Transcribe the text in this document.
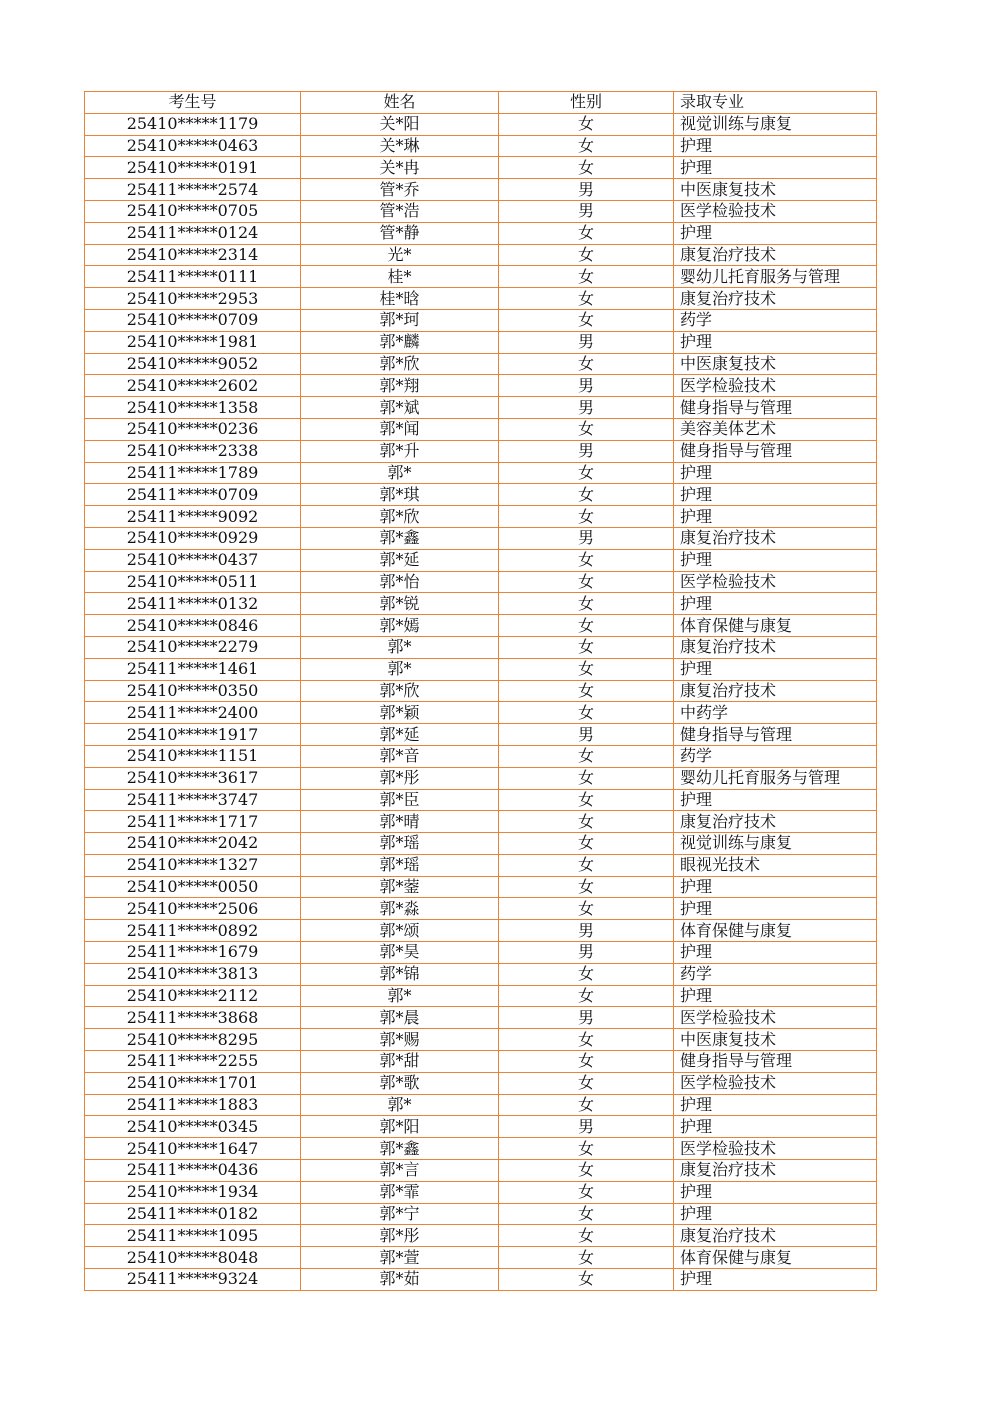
考生号	姓名	性别	录取专业
25410*****1179	关*阳	女	视觉训练与康复
25410*****0463	关*琳	女	护理
25410*****0191	关*冉	女	护理
25411*****2574	管*乔	男	中医康复技术
25410*****0705	管*浩	男	医学检验技术
25411*****0124	管*静	女	护理
25410*****2314	光*	女	康复治疗技术
25411*****0111	桂*	女	婴幼儿托育服务与管理
25410*****2953	桂*晗	女	康复治疗技术
25410*****0709	郭*珂	女	药学
25410*****1981	郭*麟	男	护理
25410*****9052	郭*欣	女	中医康复技术
25410*****2602	郭*翔	男	医学检验技术
25410*****1358	郭*斌	男	健身指导与管理
25410*****0236	郭*闻	女	美容美体艺术
25410*****2338	郭*升	男	健身指导与管理
25411*****1789	郭*	女	护理
25411*****0709	郭*琪	女	护理
25411*****9092	郭*欣	女	护理
25410*****0929	郭*鑫	男	康复治疗技术
25410*****0437	郭*延	女	护理
25410*****0511	郭*怡	女	医学检验技术
25411*****0132	郭*锐	女	护理
25410*****0846	郭*嫣	女	体育保健与康复
25410*****2279	郭*	女	康复治疗技术
25411*****1461	郭*	女	护理
25410*****0350	郭*欣	女	康复治疗技术
25411*****2400	郭*颖	女	中药学
25410*****1917	郭*延	男	健身指导与管理
25410*****1151	郭*音	女	药学
25410*****3617	郭*彤	女	婴幼儿托育服务与管理
25411*****3747	郭*臣	女	护理
25411*****1717	郭*晴	女	康复治疗技术
25410*****2042	郭*瑶	女	视觉训练与康复
25410*****1327	郭*瑶	女	眼视光技术
25410*****0050	郭*蓥	女	护理
25410*****2506	郭*淼	女	护理
25411*****0892	郭*颂	男	体育保健与康复
25411*****1679	郭*昊	男	护理
25410*****3813	郭*锦	女	药学
25410*****2112	郭*	女	护理
25411*****3868	郭*晨	男	医学检验技术
25410*****8295	郭*赐	女	中医康复技术
25411*****2255	郭*甜	女	健身指导与管理
25410*****1701	郭*歌	女	医学检验技术
25411*****1883	郭*	女	护理
25410*****0345	郭*阳	男	护理
25410*****1647	郭*鑫	女	医学检验技术
25411*****0436	郭*言	女	康复治疗技术
25410*****1934	郭*霏	女	护理
25411*****0182	郭*宁	女	护理
25411*****1095	郭*彤	女	康复治疗技术
25410*****8048	郭*萱	女	体育保健与康复
25411*****9324	郭*茹	女	护理
